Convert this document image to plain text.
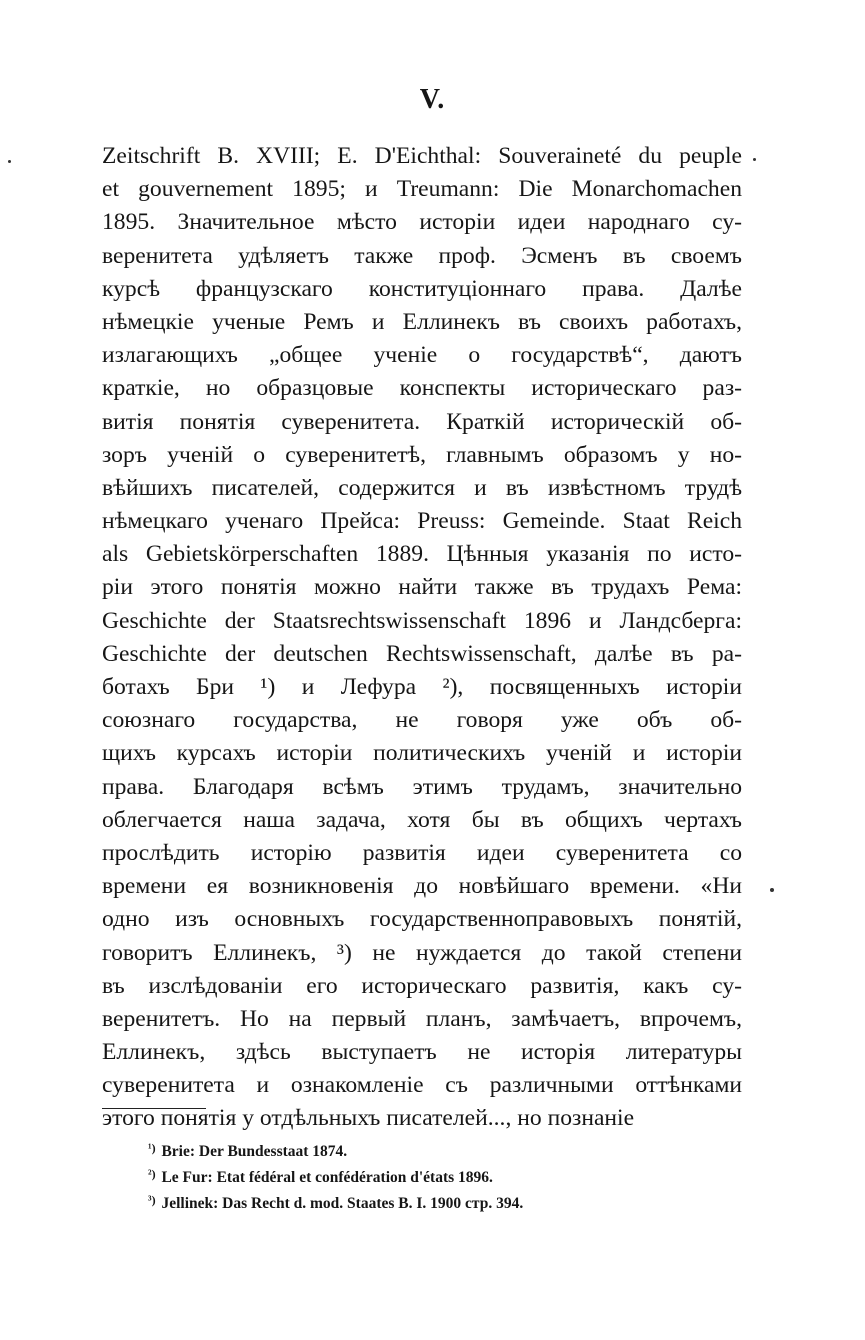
V.
Zeitschrift B. XVIII; E. D'Eichthal: Souveraineté du peuple
et gouvernement 1895; и Treumann: Die Monarchomachen
1895. Значительное мѣсто исторіи идеи народнаго су-
веренитета удѣляетъ также проф. Эсменъ въ своемъ
курсѣ французскаго конституціоннаго права. Далѣе
нѣмецкіе ученые Ремъ и Еллинекъ въ своихъ работахъ,
излагающихъ „общее ученіе о государствѣ“, даютъ
краткіе, но образцовые конспекты историческаго раз-
витія понятія суверенитета. Краткій историческій об-
зоръ ученій о суверенитетѣ, главнымъ образомъ у но-
вѣйшихъ писателей, содержится и въ извѣстномъ трудѣ
нѣмецкаго ученаго Прейса: Preuss: Gemeinde. Staat Reich
als Gebietskörperschaften 1889. Цѣнныя указанія по исто-
ріи этого понятія можно найти также въ трудахъ Рема:
Geschichte der Staatsrechtswissenschaft 1896 и Ландсберга:
Geschichte der deutschen Rechtswissenschaft, далѣе въ ра-
ботахъ Бри ¹) и Лефура ²), посвященныхъ исторіи
союзнаго государства, не говоря уже объ об-
щихъ курсахъ исторіи политическихъ ученій и исторіи
права. Благодаря всѣмъ этимъ трудамъ, значительно
облегчается наша задача, хотя бы въ общихъ чертахъ
прослѣдить исторію развитія идеи суверенитета со
времени ея возникновенія до новѣйшаго времени. «Ни
одно изъ основныхъ государственноправовыхъ понятій,
говоритъ Еллинекъ, ³) не нуждается до такой степени
въ изслѣдованіи его историческаго развитія, какъ су-
веренитетъ. Но на первый планъ, замѣчаетъ, впрочемъ,
Еллинекъ, здѣсь выступаетъ не исторія литературы
суверенитета и ознакомленіе съ различными оттѣнками
этого понятія у отдѣльныхъ писателей..., но познаніе
$^{^1)}$ Brie: Der Bundesstaat 1874.
$^{^2)}$ Le Fur: Etat fédéral et confédération d'états 1896.
$^{^3)}$ Jellinek: Das Recht d. mod. Staates B. I. 1900 стр. 394.
